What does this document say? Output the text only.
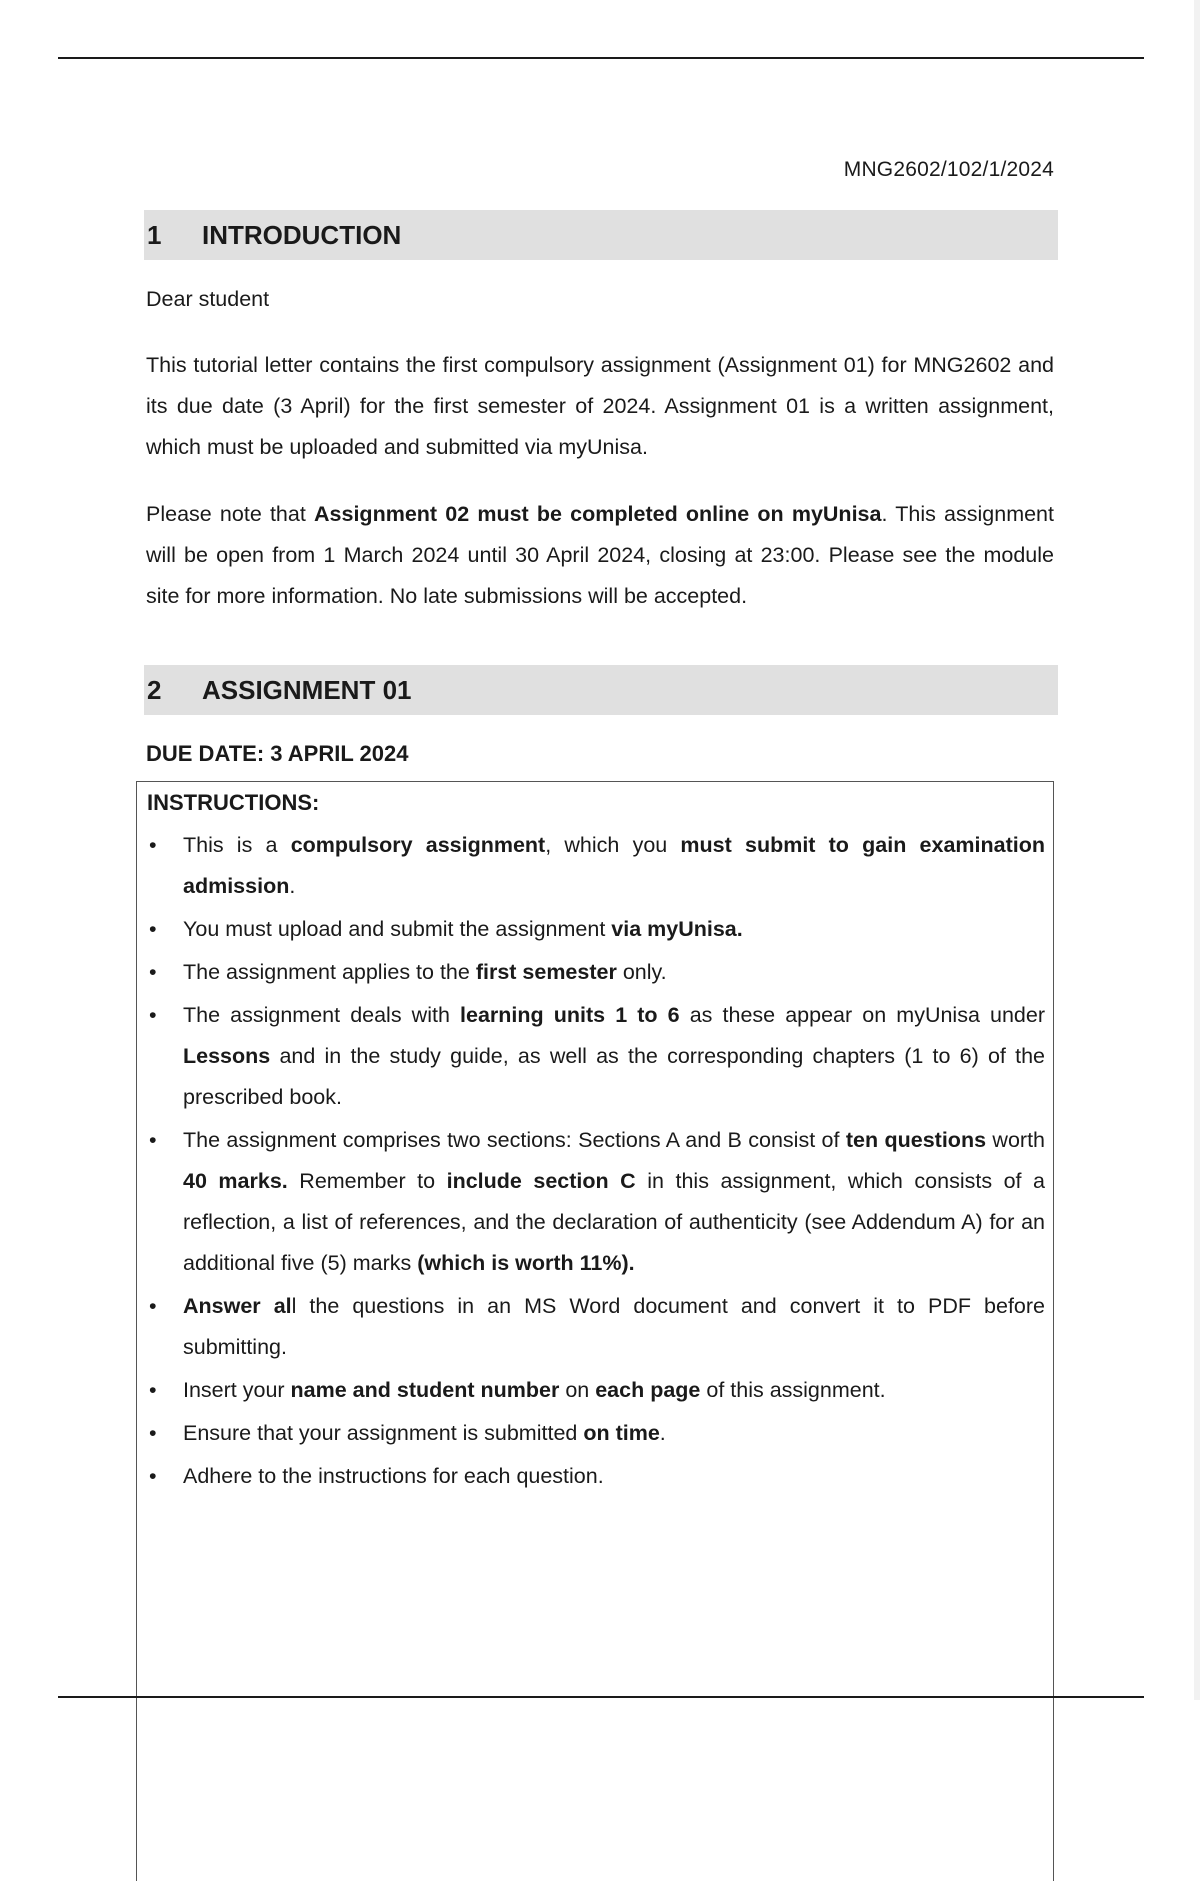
MNG2602/102/1/2024
1	INTRODUCTION

Dear student

This tutorial letter contains the first compulsory assignment (Assignment 01) for MNG2602 and its due date (3 April) for the first semester of 2024. Assignment 01 is a written assignment, which must be uploaded and submitted via myUnisa.

Please note that Assignment 02 must be completed online on myUnisa. This assignment will be open from 1 March 2024 until 30 April 2024, closing at 23:00. Please see the module site for more information. No late submissions will be accepted.

2	ASSIGNMENT 01
DUE DATE: 3 APRIL 2024
INSTRUCTIONS:
• This is a compulsory assignment, which you must submit to gain examination admission.
• You must upload and submit the assignment via myUnisa.
• The assignment applies to the first semester only.
• The assignment deals with learning units 1 to 6 as these appear on myUnisa under Lessons and in the study guide, as well as the corresponding chapters (1 to 6) of the prescribed book.
• The assignment comprises two sections: Sections A and B consist of ten questions worth 40 marks. Remember to include section C in this assignment, which consists of a reflection, a list of references, and the declaration of authenticity (see Addendum A) for an additional five (5) marks (which is worth 11%).
• Answer all the questions in an MS Word document and convert it to PDF before submitting.
• Insert your name and student number on each page of this assignment.
• Ensure that your assignment is submitted on time.
• Adhere to the instructions for each question.
